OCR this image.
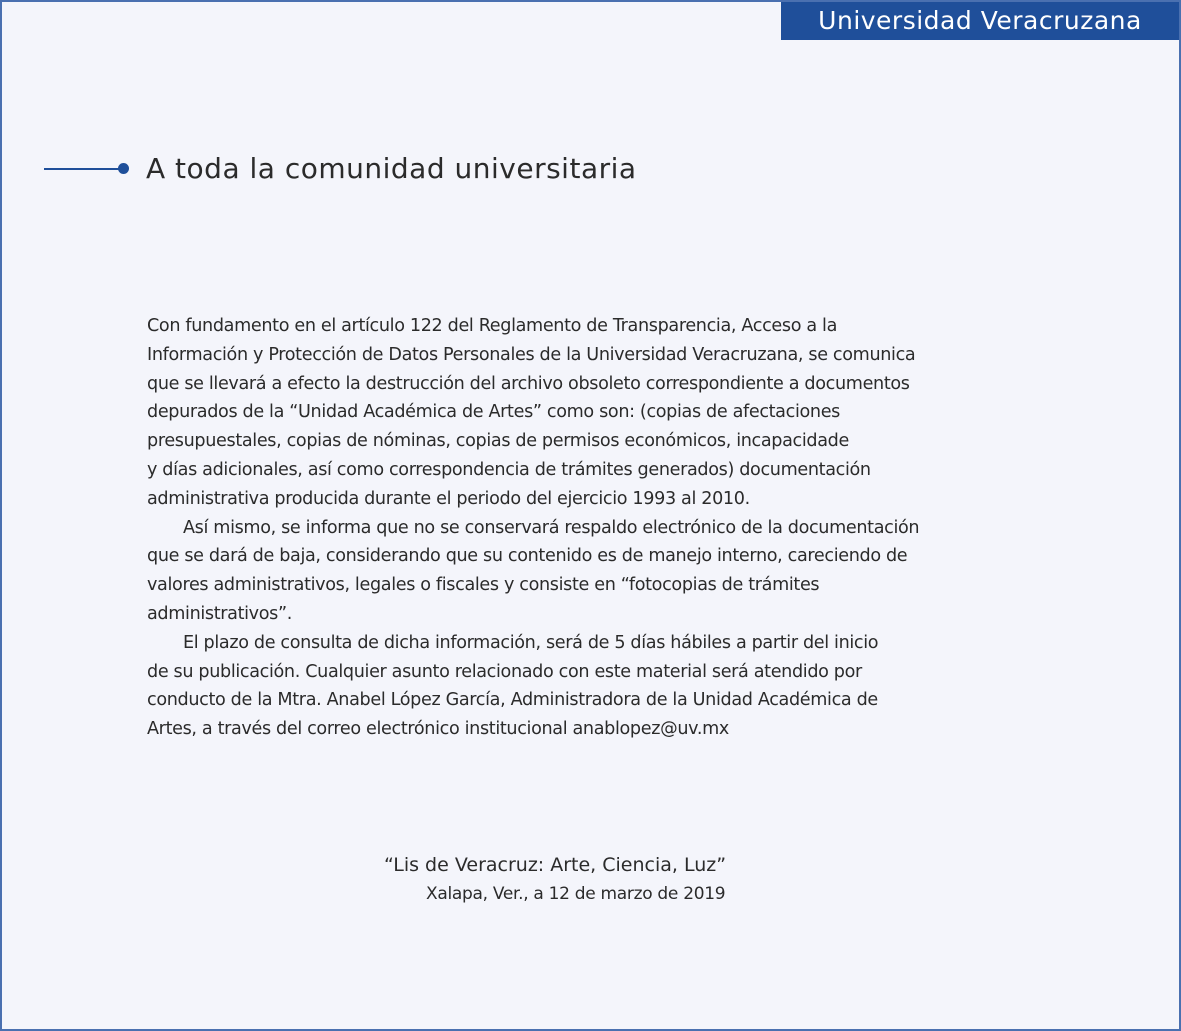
Universidad Veracruzana
A toda la comunidad universitaria
Con fundamento en el artículo 122 del Reglamento de Transparencia, Acceso a la
Información y Protección de Datos Personales de la Universidad Veracruzana, se comunica
que se llevará a efecto la destrucción del archivo obsoleto correspondiente a documentos
depurados de la “Unidad Académica de Artes” como son: (copias de afectaciones
presupuestales, copias de nóminas, copias de permisos económicos, incapacidade
y días adicionales, así como correspondencia de trámites generados) documentación
administrativa producida durante el periodo del ejercicio 1993 al 2010.
Así mismo, se informa que no se conservará respaldo electrónico de la documentación
que se dará de baja, considerando que su contenido es de manejo interno, careciendo de
valores administrativos, legales o fiscales y consiste en “fotocopias de trámites
administrativos”.
El plazo de consulta de dicha información, será de 5 días hábiles a partir del inicio
de su publicación. Cualquier asunto relacionado con este material será atendido por
conducto de la Mtra. Anabel López García, Administradora de la Unidad Académica de
Artes, a través del correo electrónico institucional anablopez@uv.mx
“Lis de Veracruz: Arte, Ciencia, Luz”
Xalapa, Ver., a 12 de marzo de 2019
